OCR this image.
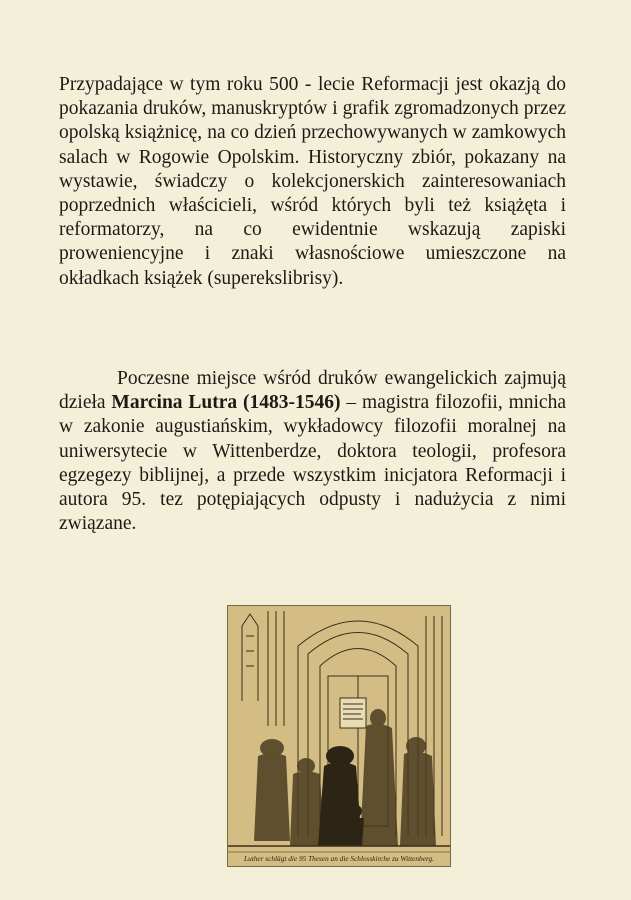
Przypadające w tym roku 500 - lecie Reformacji jest okazją do pokazania druków, manuskryptów i grafik zgromadzonych przez opolską książnicę, na co dzień przechowywanych w zamkowych salach w Rogowie Opolskim. Historyczny zbiór, pokazany na wystawie, świadczy o kolekcjonerskich zainteresowaniach poprzednich właścicieli, wśród których byli też książęta i reformatorzy, na co ewidentnie wskazują zapiski proweniencyjne i znaki własnościowe umieszczone na okładkach książek (superekslibrisy).

Poczesne miejsce wśród druków ewangelickich zajmują dzieła Marcina Lutra (1483-1546) – magistra filozofii, mnicha w zakonie augustiańskim, wykładowcy filozofii moralnej na uniwersytecie w Wittenberdze, doktora teologii, profesora egzegezy biblijnej, a przede wszystkim inicjatora Reformacji i autora 95. tez potępiających odpusty i nadużycia z nimi związane.

Luther schlägt die 95 Thesen an die Schlosskirche zu Wittenberg.
